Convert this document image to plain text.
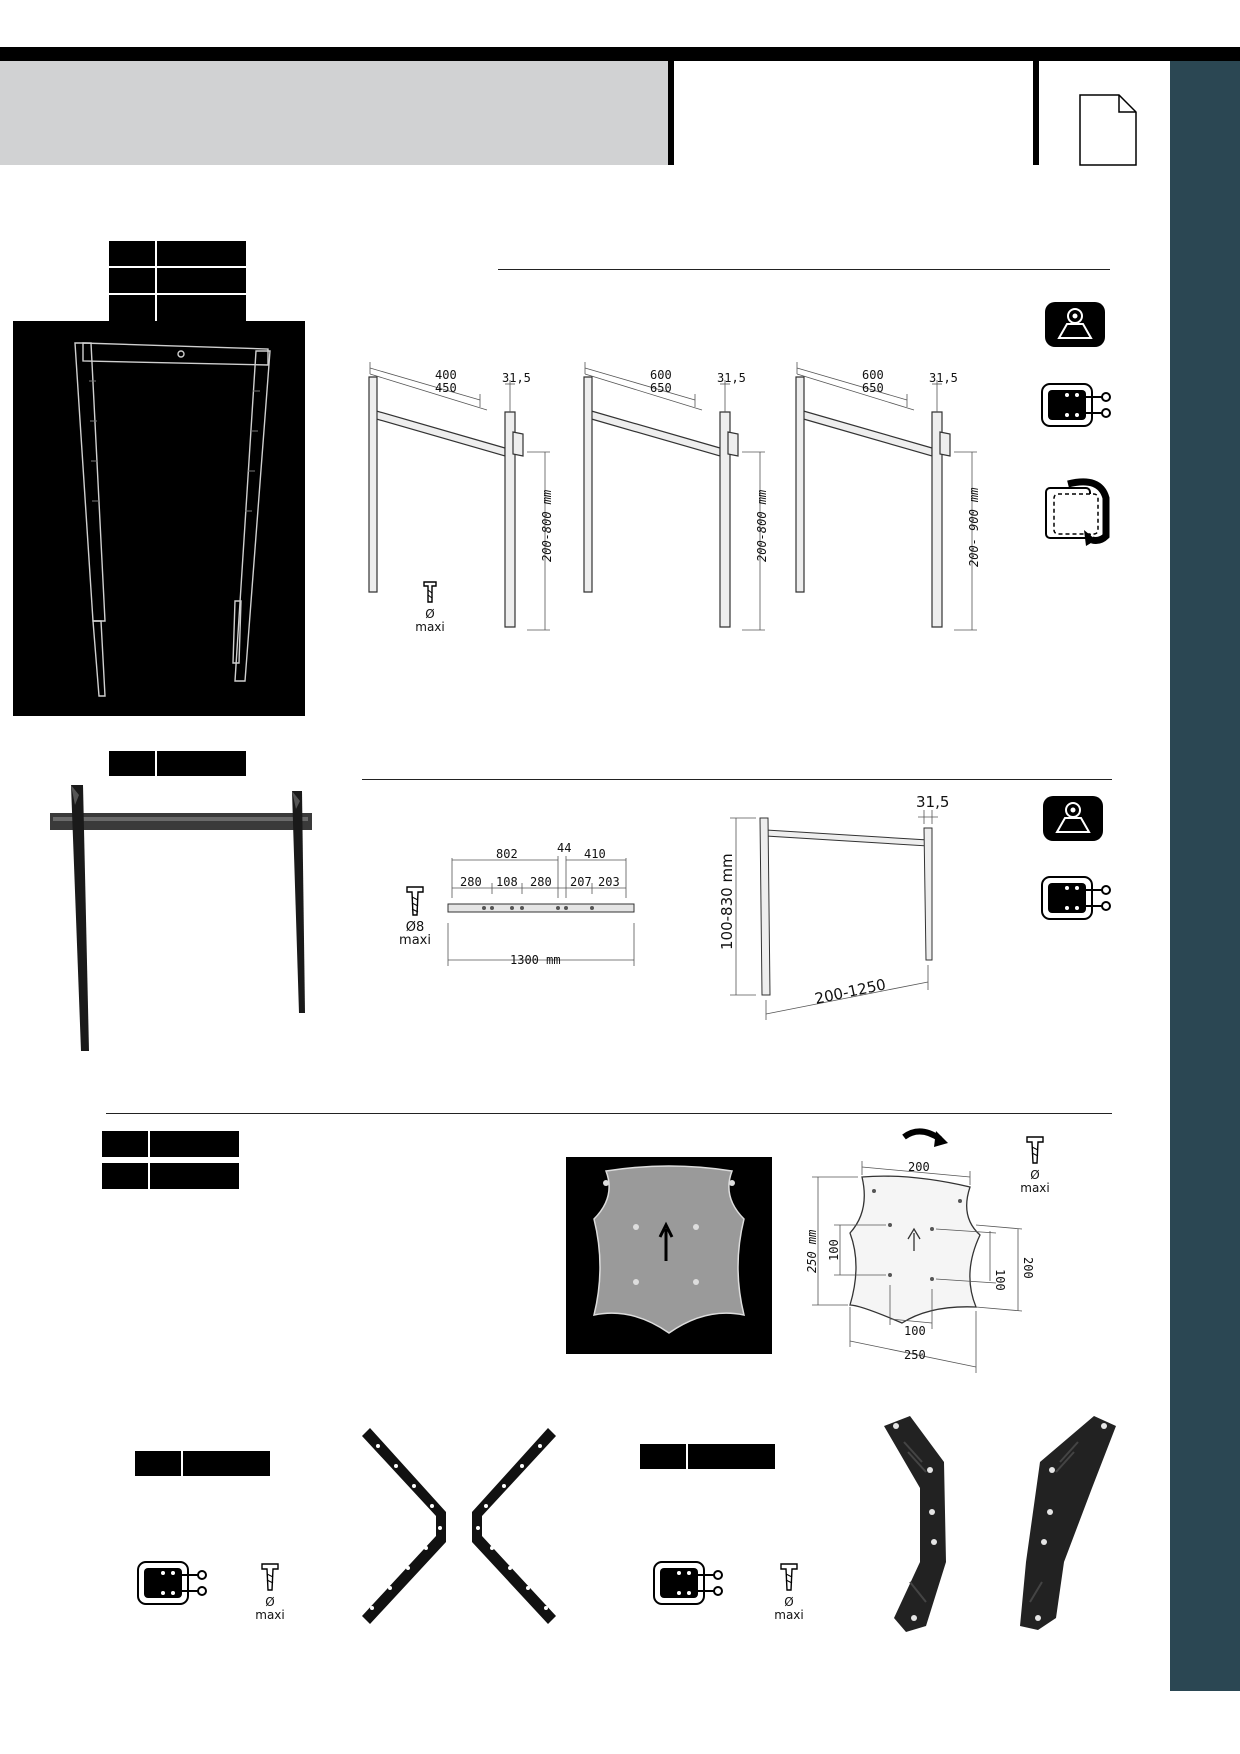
400
450
31,5
200-800 mm
Ø
maxi
600
650
31,5
200-800 mm
600
650
31,5
200- 900 mm
Ø8
maxi
802	44 410
280 108 280 207 203
1300 mm
31,5
100-830 mm
200-1250
200
250 mm 100
100
200
100
250
Ø
maxi
Ø
maxi
Ø
maxi
